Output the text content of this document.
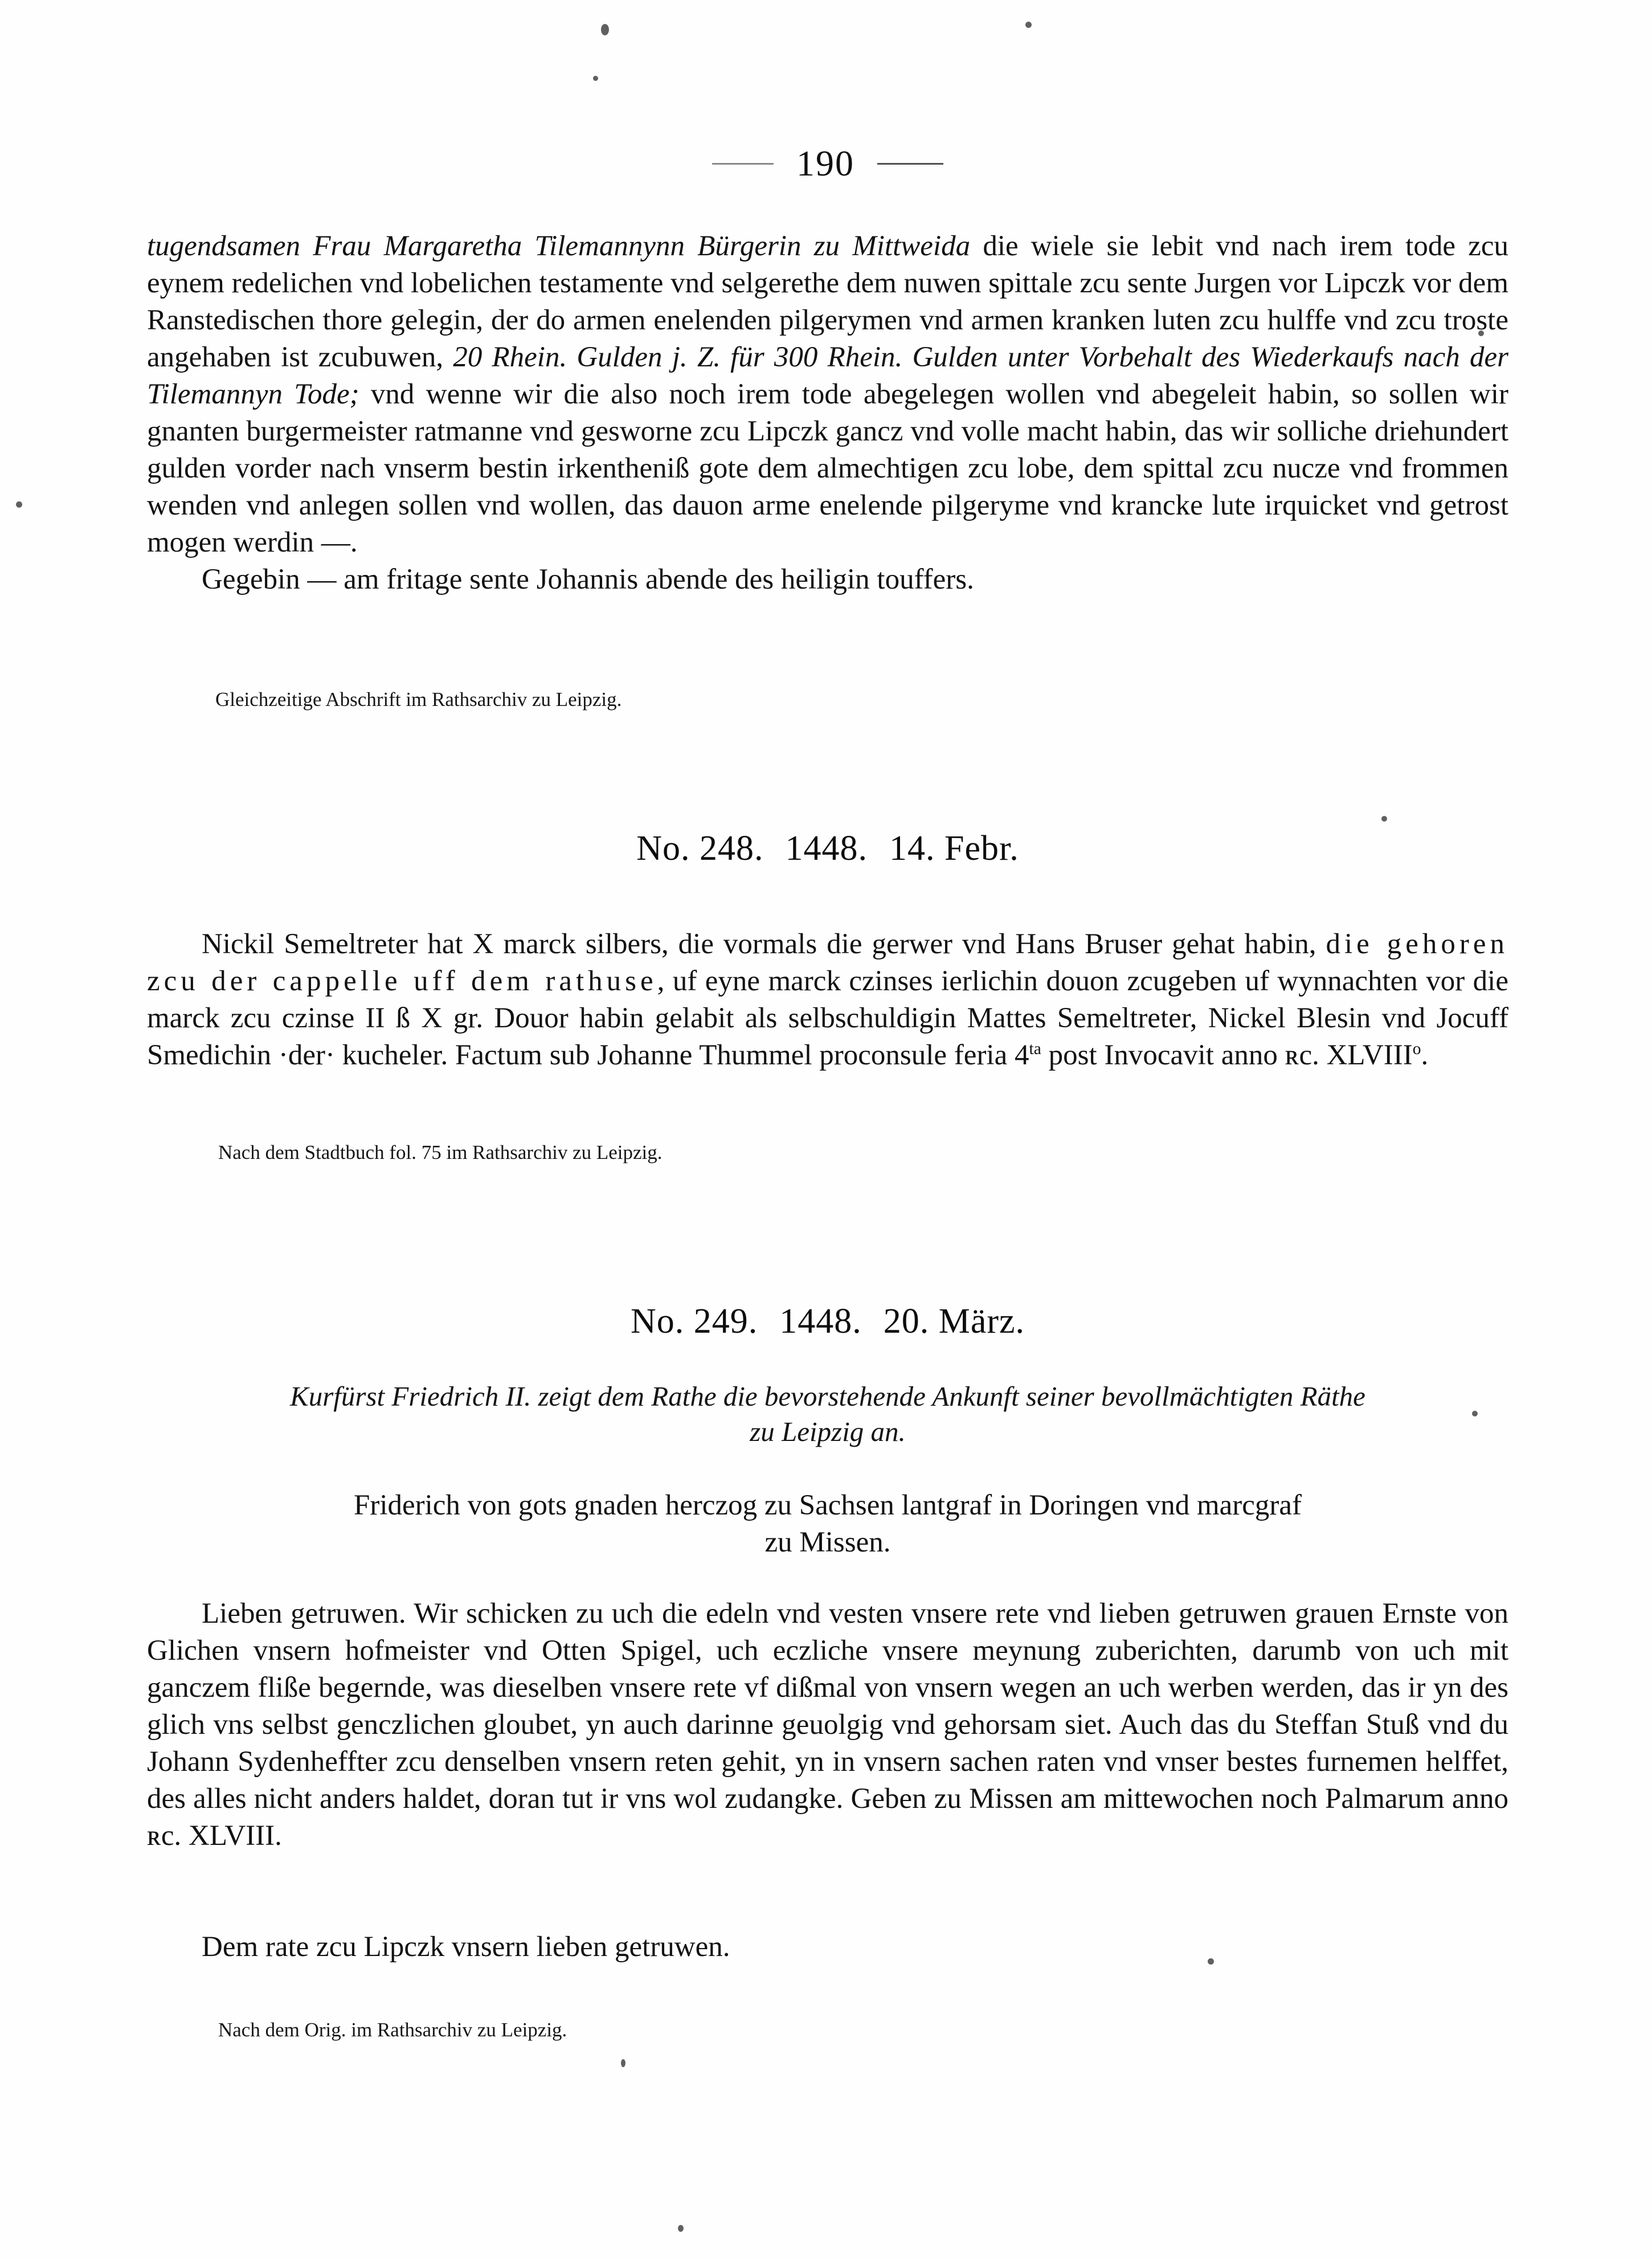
190

tugendsamen Frau Margaretha Tilemannynn Bürgerin zu Mittweida die wiele sie lebit vnd nach irem tode zcu eynem redelichen vnd lobelichen testamente vnd selgerethe dem nuwen spittale zcu sente Jurgen vor Lipczk vor dem Ranstedischen thore gelegin, der do armen enelenden pilgerymen vnd armen kranken luten zcu hulffe vnd zcu troste angehaben ist zcubuwen, 20 Rhein. Gulden j. Z. für 300 Rhein. Gulden unter Vorbehalt des Wiederkaufs nach der Tilemannyn Tode; vnd wenne wir die also noch irem tode abegelegen wollen vnd abegeleit habin, so sollen wir gnanten burgermeister ratmanne vnd gesworne zcu Lipczk gancz vnd volle macht habin, das wir solliche driehundert gulden vorder nach vnserm bestin irkentheniß gote dem almechtigen zcu lobe, dem spittal zcu nucze vnd frommen wenden vnd anlegen sollen vnd wollen, das dauon arme enelende pilgeryme vnd krancke lute irquicket vnd getrost mogen werdin —.

Gegebin — am fritage sente Johannis abende des heiligin touffers.

Gleichzeitige Abschrift im Rathsarchiv zu Leipzig.

No. 248. 1448. 14. Febr.

Nickil Semeltreter hat X marck silbers, die vormals die gerwer vnd Hans Bruser gehat habin, die gehoren zcu der cappelle uff dem rathuse, uf eyne marck czinses ierlichin douon zcugeben uf wynnachten vor die marck zcu czinse II ß X gr. Douor habin gelabit als selbschuldigin Mattes Semeltreter, Nickel Blesin vnd Jocuff Smedichin ·der· kucheler. Factum sub Johanne Thummel proconsule feria $4^{ta}$ post Invocavit anno ʀc. XLVIII$^o$.

Nach dem Stadtbuch fol. 75 im Rathsarchiv zu Leipzig.

No. 249. 1448. 20. März.

Kurfürst Friedrich II. zeigt dem Rathe die bevorstehende Ankunft seiner bevollmächtigten Räthe
zu Leipzig an.

Friderich von gots gnaden herczog zu Sachsen lantgraf in Doringen vnd marcgraf
zu Missen.

Lieben getruwen. Wir schicken zu uch die edeln vnd vesten vnsere rete vnd lieben getruwen grauen Ernste von Glichen vnsern hofmeister vnd Otten Spigel, uch eczliche vnsere meynung zuberichten, darumb von uch mit ganczem fliße begernde, was dieselben vnsere rete vf dißmal von vnsern wegen an uch werben werden, das ir yn des glich vns selbst genczlichen gloubet, yn auch darinne geuolgig vnd gehorsam siet. Auch das du Steffan Stuß vnd du Johann Sydenheffter zcu denselben vnsern reten gehit, yn in vnsern sachen raten vnd vnser bestes furnemen helffet, des alles nicht anders haldet, doran tut ir vns wol zudangke. Geben zu Missen am mittewochen noch Palmarum anno ʀc. XLVIII.

Dem rate zcu Lipczk vnsern lieben getruwen.

Nach dem Orig. im Rathsarchiv zu Leipzig.
